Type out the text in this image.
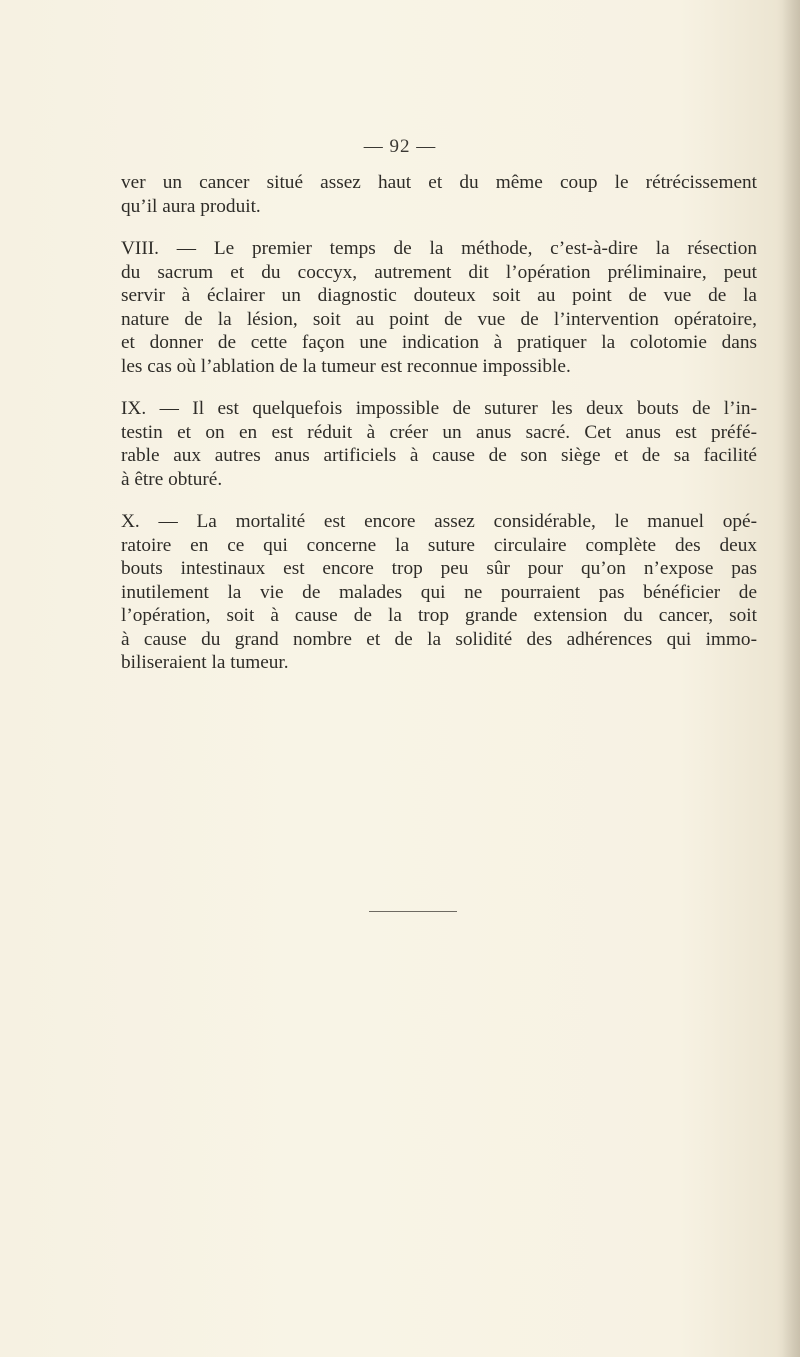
— 92 —

ver un cancer situé assez haut et du même coup le rétrécissement
qu’il aura produit.

VIII. — Le premier temps de la méthode, c’est-à-dire la résection
du sacrum et du coccyx, autrement dit l’opération préliminaire, peut
servir à éclairer un diagnostic douteux soit au point de vue de la
nature de la lésion, soit au point de vue de l’intervention opératoire,
et donner de cette façon une indication à pratiquer la colotomie dans
les cas où l’ablation de la tumeur est reconnue impossible.

IX. — Il est quelquefois impossible de suturer les deux bouts de l’in-
testin et on en est réduit à créer un anus sacré. Cet anus est préfé-
rable aux autres anus artificiels à cause de son siège et de sa facilité
à être obturé.

X. — La mortalité est encore assez considérable, le manuel opé-
ratoire en ce qui concerne la suture circulaire complète des deux
bouts intestinaux est encore trop peu sûr pour qu’on n’expose pas
inutilement la vie de malades qui ne pourraient pas bénéficier de
l’opération, soit à cause de la trop grande extension du cancer, soit
à cause du grand nombre et de la solidité des adhérences qui immo-
biliseraient la tumeur.
